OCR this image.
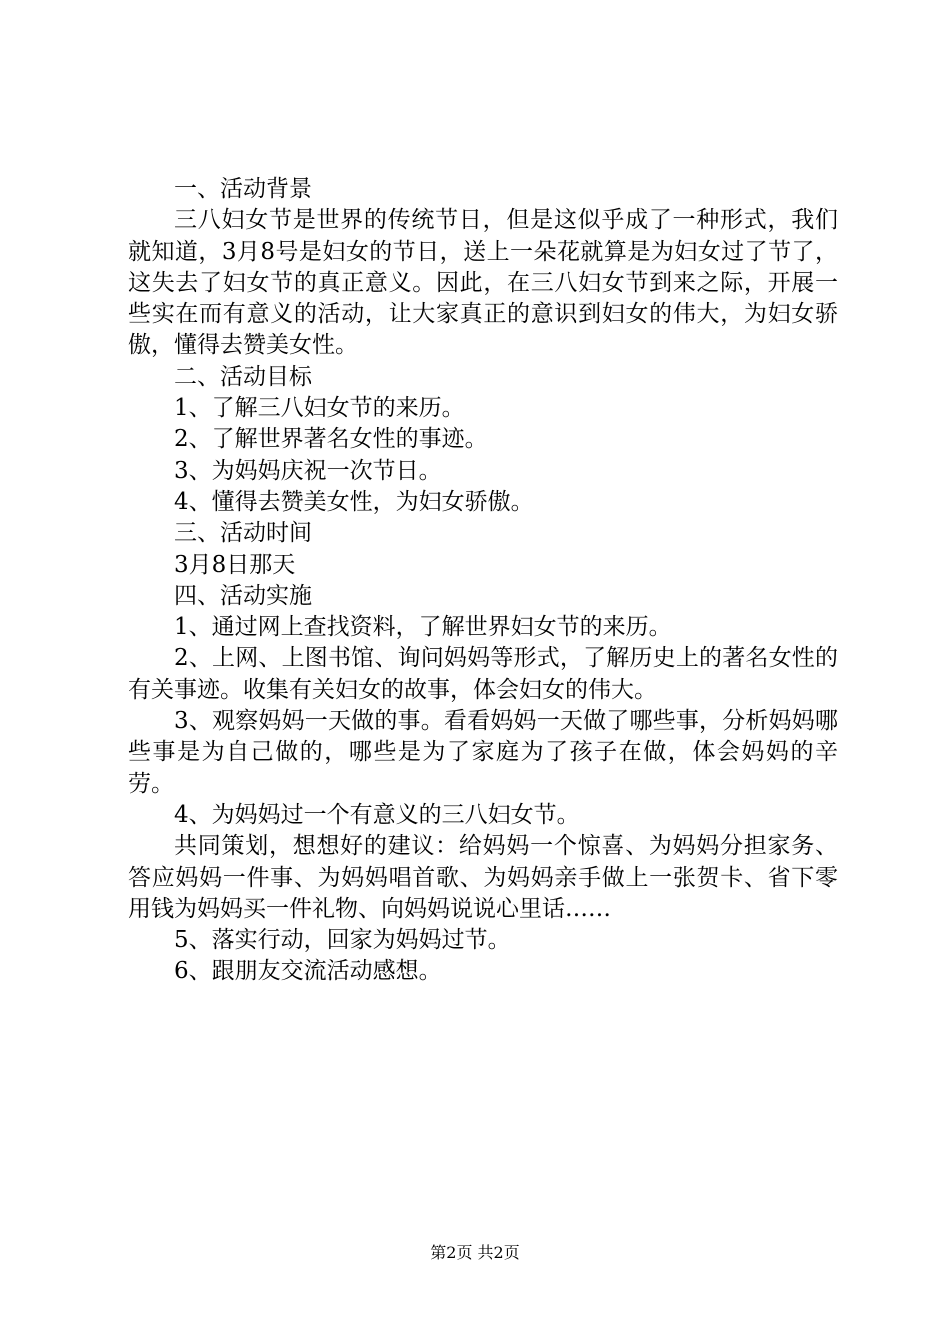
一、活动背景

三八妇女节是世界的传统节日，但是这似乎成了一种形式，我们就知道，3月8号是妇女的节日，送上一朵花就算是为妇女过了节了，这失去了妇女节的真正意义。因此，在三八妇女节到来之际，开展一些实在而有意义的活动，让大家真正的意识到妇女的伟大，为妇女骄傲，懂得去赞美女性。

二、活动目标

1、了解三八妇女节的来历。

2、了解世界著名女性的事迹。

3、为妈妈庆祝一次节日。

4、懂得去赞美女性，为妇女骄傲。

三、活动时间

3月8日那天

四、活动实施

1、通过网上查找资料，了解世界妇女节的来历。

2、上网、上图书馆、询问妈妈等形式，了解历史上的著名女性的有关事迹。收集有关妇女的故事，体会妇女的伟大。

3、观察妈妈一天做的事。看看妈妈一天做了哪些事，分析妈妈哪些事是为自己做的，哪些是为了家庭为了孩子在做，体会妈妈的辛劳。

4、为妈妈过一个有意义的三八妇女节。

共同策划，想想好的建议：给妈妈一个惊喜、为妈妈分担家务、答应妈妈一件事、为妈妈唱首歌、为妈妈亲手做上一张贺卡、省下零用钱为妈妈买一件礼物、向妈妈说说心里话……

5、落实行动，回家为妈妈过节。

6、跟朋友交流活动感想。

第2页 共2页
